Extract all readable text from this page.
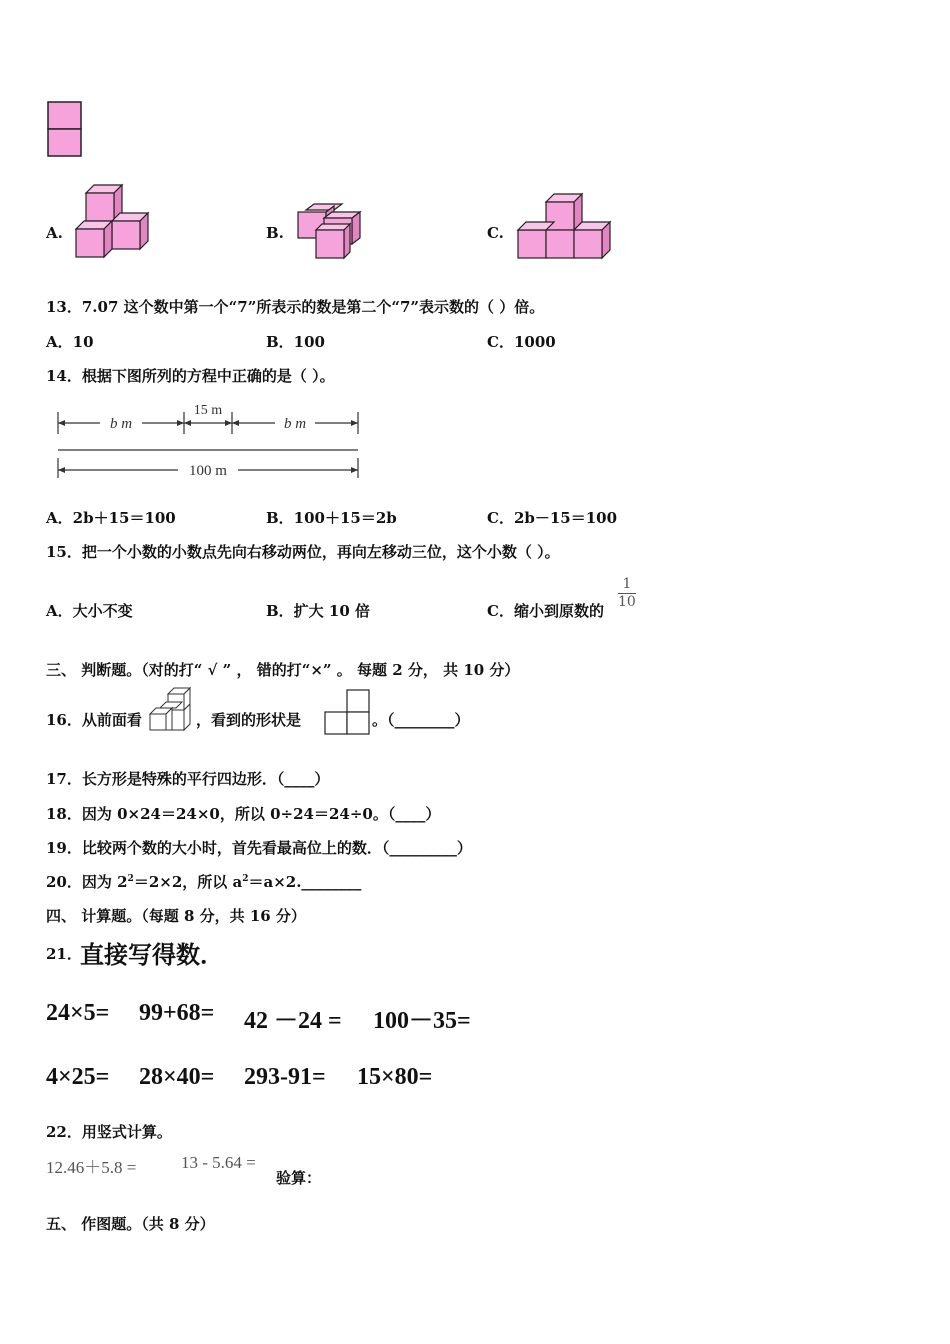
A.	B.	C.
13．7.07 这个数中第一个“7”所表示的数是第二个“7”表示数的（ ）倍。
A．10	B．100	C．1000
14．根据下图所列的方程中正确的是（ ）。
b m
15 m
b m
100 m
A．2b＋15＝100	B．100＋15＝2b	C．2b－15＝100
15．把一个小数的小数点先向右移动两位，再向左移动三位，这个小数（ ）。
A．大小不变	B．扩大 10 倍	C．缩小到原数的 $\frac{1}{10}$
三、 判断题。（对的打“ √ ” ， 错的打“×” 。 每题 2 分， 共 10 分）
16．从前面看	，看到的形状是	。（________）
17．长方形是特殊的平行四边形．（____）
18．因为 0×24＝24×0，所以 0÷24＝24÷0。（____）
19．比较两个数的大小时，首先看最高位上的数．（_________）
20．因为 $2^2=2\times 2$，所以 $a^2=a\times 2.\_\_\_\_\_\_\_\_$
四、 计算题。（每题 8 分，共 16 分）
21．
直接写得数．
24×5= 99+68= 42 －24 = 100－35=
4×25= 28×40= 293-91= 15×80=
22．用竖式计算。
12.46＋5.8 =	13 - 5.64 =
验算：
五、 作图题。（共 8 分）
